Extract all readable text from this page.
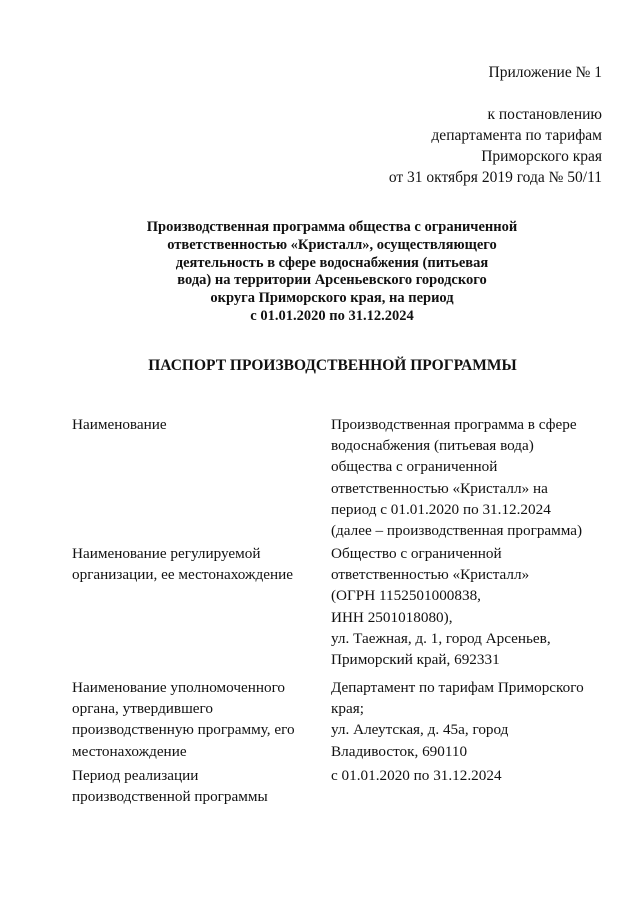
Приложение № 1
к постановлению
департамента по тарифам
Приморского края
от 31 октября 2019 года № 50/11
Производственная программа общества с ограниченной
ответственностью «Кристалл», осуществляющего
деятельность в сфере водоснабжения (питьевая
вода) на территории Арсеньевского городского
округа Приморского края, на период
с 01.01.2020 по 31.12.2024
ПАСПОРТ ПРОИЗВОДСТВЕННОЙ ПРОГРАММЫ
Наименование	Производственная программа в сфере
водоснабжения (питьевая вода)
общества с ограниченной
ответственностью «Кристалл» на
период с 01.01.2020 по 31.12.2024
(далее – производственная программа)
Наименование регулируемой
организации, ее местонахождение
Общество с ограниченной
ответственностью «Кристалл»
(ОГРН 1152501000838,
ИНН 2501018080),
ул. Таежная, д. 1, город Арсеньев,
Приморский край, 692331
Наименование уполномоченного
органа, утвердившего
производственную программу, его
местонахождение
Департамент по тарифам Приморского
края;
ул. Алеутская, д. 45а, город
Владивосток, 690110
Период реализации
производственной программы
с 01.01.2020 по 31.12.2024
